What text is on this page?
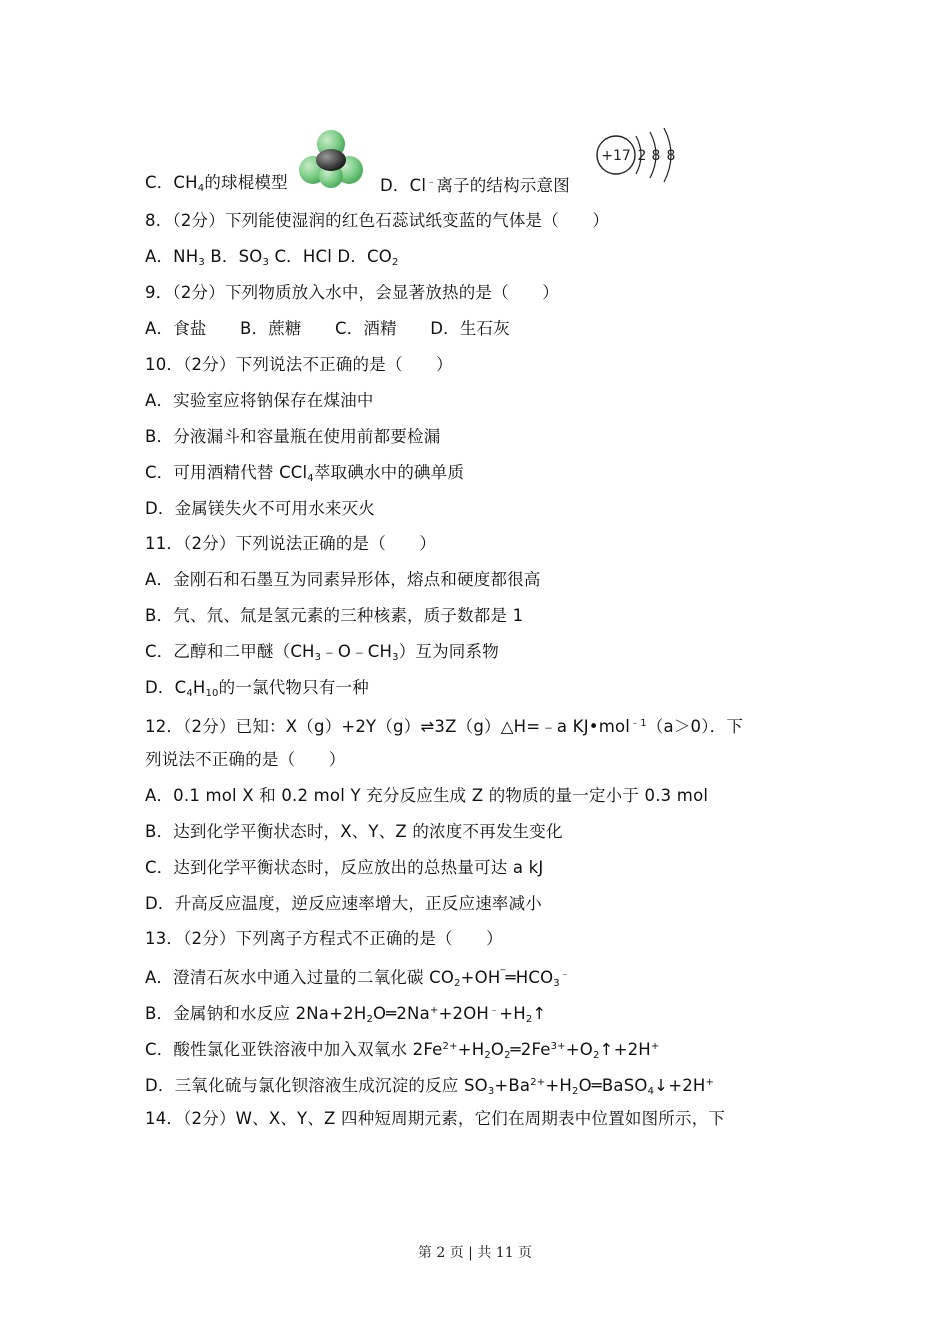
C．$CH_4$的球棍模型	D．Cl﹣离子的结构示意图
+17 2 8 8
8．（2分）下列能使湿润的红色石蕊试纸变蓝的气体是（　　）
A．$NH_3$ B．$SO_3$ C．HCl D．$CO_2$
9．（2分）下列物质放入水中，会显著放热的是（　　）
A．食盐　　B．蔗糖　　C．酒精　　D．生石灰
10．（2分）下列说法不正确的是（　　）
A．实验室应将钠保存在煤油中
B．分液漏斗和容量瓶在使用前都要检漏
C．可用酒精代替 CCl$_4$萃取碘水中的碘单质
D．金属镁失火不可用水来灭火
11．（2分）下列说法正确的是（　　）
A．金刚石和石墨互为同素异形体，熔点和硬度都很高
B．氕、氘、氚是氢元素的三种核素，质子数都是 1
C．乙醇和二甲醚$(CH_3﹣O﹣CH_3)$互为同系物
D．$C_4H_{10}$的一氯代物只有一种
12．（2分）已知：X（g）+2Y（g）⇌3Z（g）△H=﹣a KJ•mol$^{﹣1}$（a＞0）．下
列说法不正确的是（　　）
A．0.1 mol X 和 0.2 mol Y 充分反应生成 Z 的物质的量一定小于 0.3 mol
B．达到化学平衡状态时，X、Y、Z 的浓度不再发生变化
C．达到化学平衡状态时，反应放出的总热量可达 a kJ
D．升高反应温度，逆反应速率增大，正反应速率减小
13．（2分）下列离子方程式不正确的是（　　）
A．澄清石灰水中通入过量的二氧化碳 $CO_2+OH^‾═HCO_3^﹣$
B．金属钠和水反应 $2Na+2H_2O═2Na^++2OH^﹣+H_2↑$
C．酸性氯化亚铁溶液中加入双氧水 $2Fe^{2+}+H_2O_2═2Fe^{3+}+O_2↑+2H^+$
D．三氧化硫与氯化钡溶液生成沉淀的反应 $SO_3+Ba^{2+}+H_2O═BaSO_4↓+2H^+$
14．（2分）W、X、Y、Z 四种短周期元素，它们在周期表中位置如图所示，下
第 2 页 | 共 11 页
